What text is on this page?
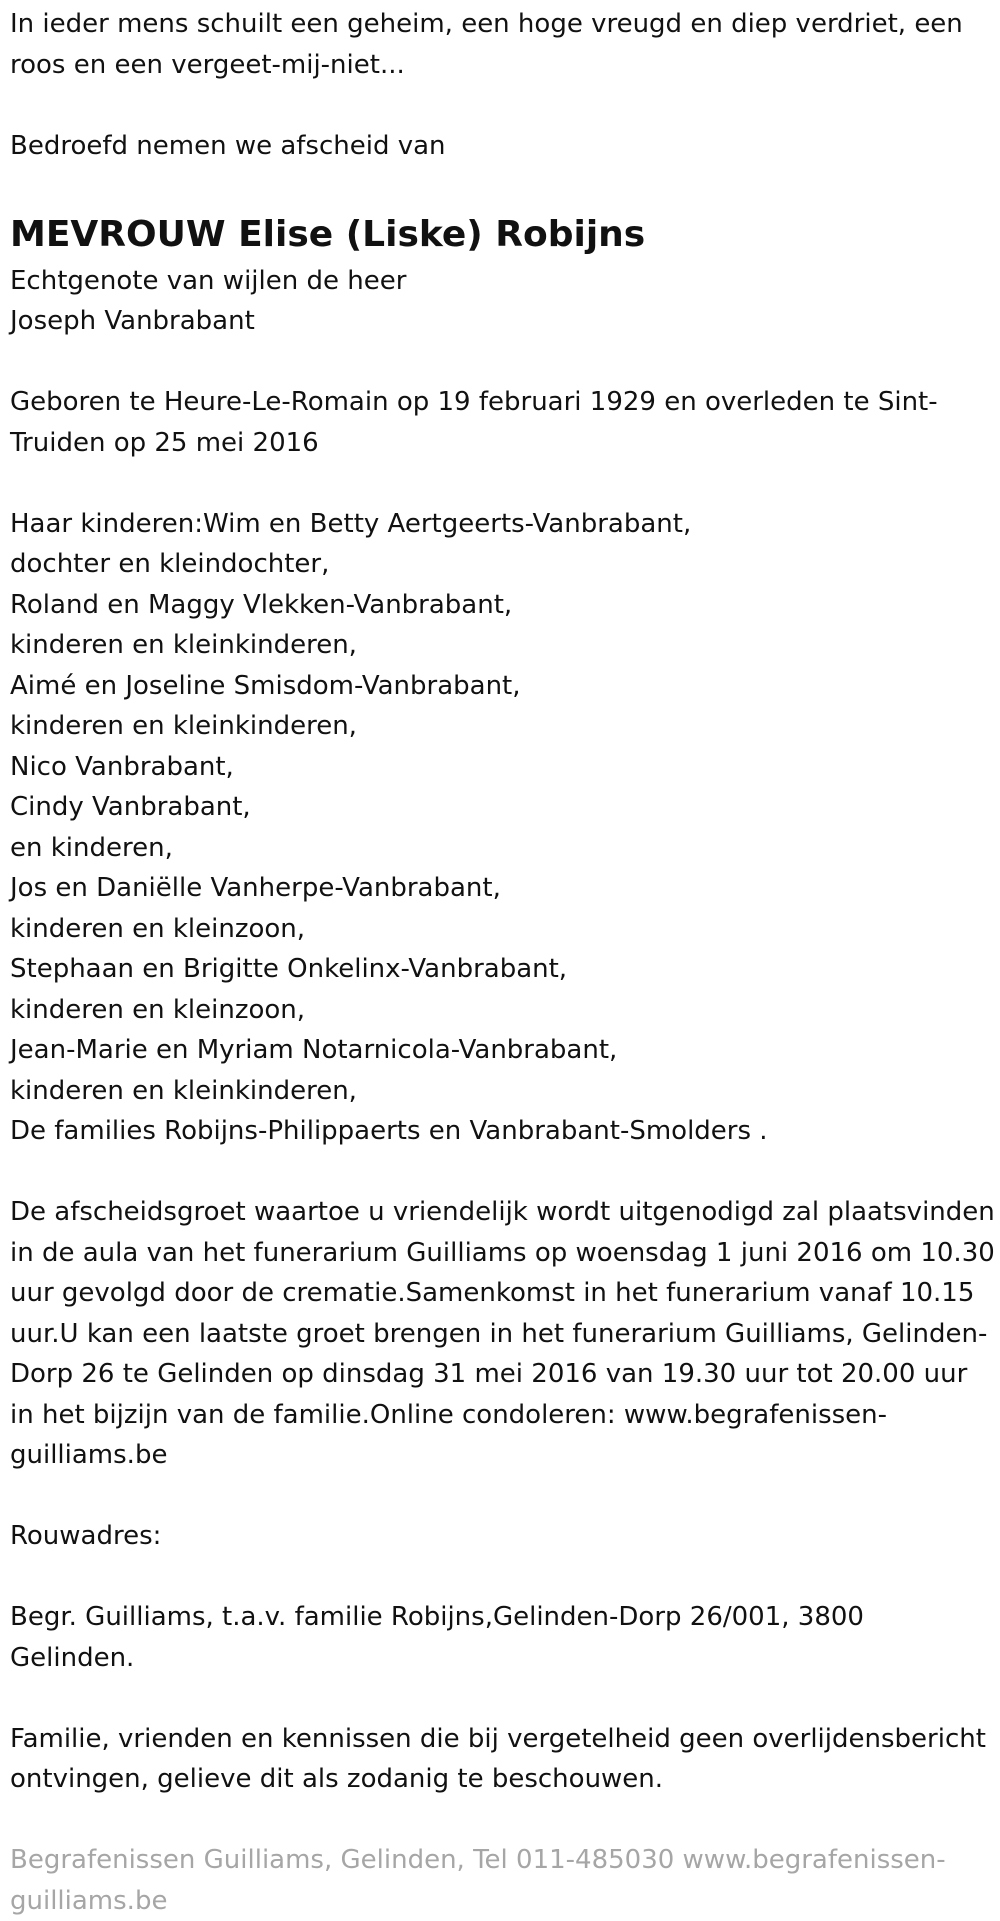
In ieder mens schuilt een geheim, een hoge vreugd en diep verdriet, een roos en een vergeet-mij-niet...

Bedroefd nemen we afscheid van

MEVROUW Elise (Liske) Robijns

Echtgenote van wijlen de heer

Joseph Vanbrabant

Geboren te Heure-Le-Romain op 19 februari 1929 en overleden te Sint-Truiden op 25 mei 2016

Haar kinderen:Wim en Betty Aertgeerts-Vanbrabant,
dochter en kleindochter,
Roland en Maggy Vlekken-Vanbrabant,
kinderen en kleinkinderen,
Aimé en Joseline Smisdom-Vanbrabant,
kinderen en kleinkinderen,
Nico Vanbrabant,
Cindy Vanbrabant,
en kinderen,
Jos en Daniëlle Vanherpe-Vanbrabant,
kinderen en kleinzoon,
Stephaan en Brigitte Onkelinx-Vanbrabant,
kinderen en kleinzoon,
Jean-Marie en Myriam Notarnicola-Vanbrabant,
kinderen en kleinkinderen,
De families Robijns-Philippaerts en Vanbrabant-Smolders .

De afscheidsgroet waartoe u vriendelijk wordt uitgenodigd zal plaatsvinden in de aula van het funerarium Guilliams op woensdag 1 juni 2016 om 10.30 uur gevolgd door de crematie.Samenkomst in het funerarium vanaf 10.15 uur.U kan een laatste groet brengen in het funerarium Guilliams, Gelinden-Dorp 26 te Gelinden op dinsdag 31 mei 2016 van 19.30 uur tot 20.00 uur in het bijzijn van de familie.Online condoleren: www.begrafenissen-guilliams.be

Rouwadres:

Begr. Guilliams, t.a.v. familie Robijns,Gelinden-Dorp 26/001, 3800 Gelinden.

Familie, vrienden en kennissen die bij vergetelheid geen overlijdensbericht ontvingen, gelieve dit als zodanig te beschouwen.

Begrafenissen Guilliams, Gelinden, Tel 011-485030 www.begrafenissen-guilliams.be
